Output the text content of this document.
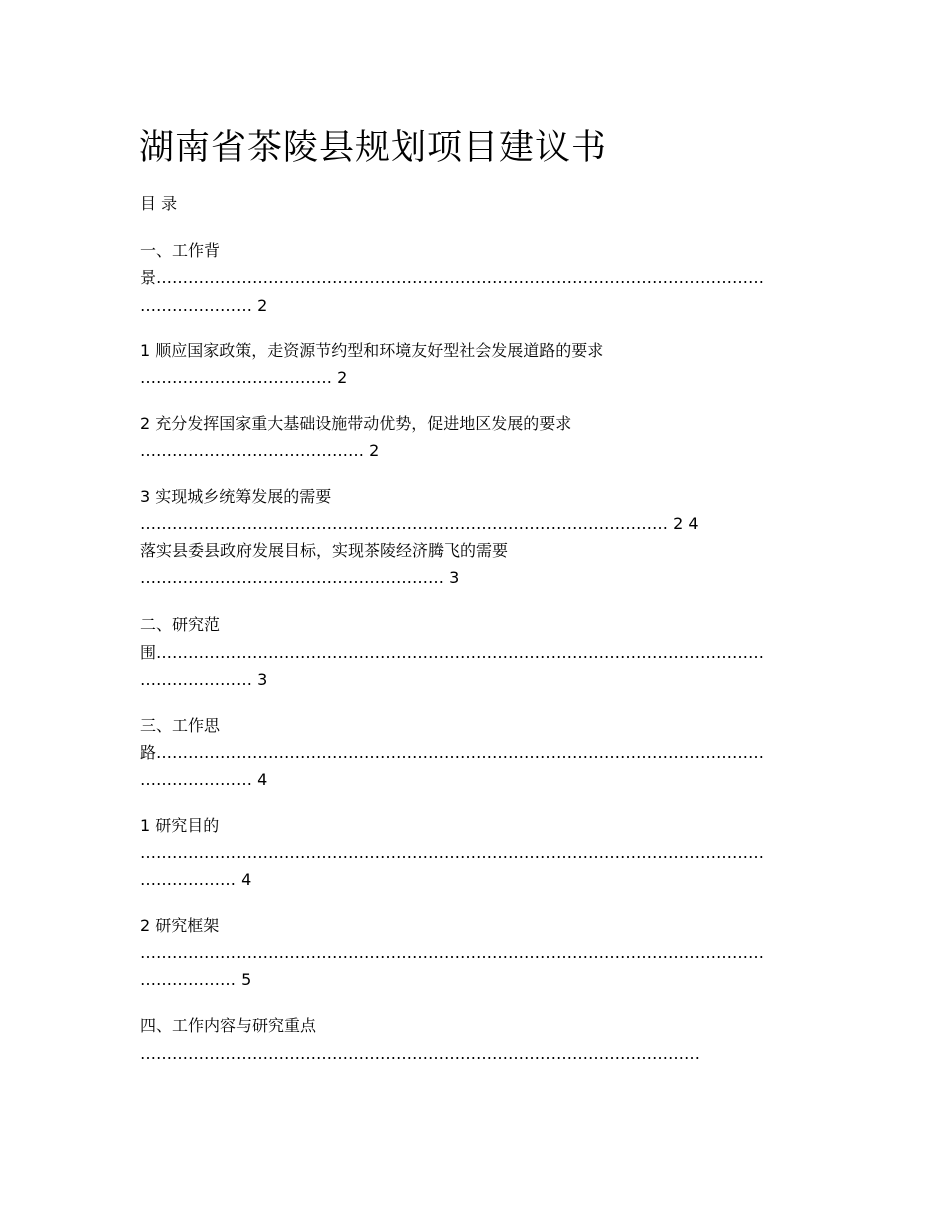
湖南省茶陵县规划项目建议书
目 录
一、工作背
景……………………………………………………………………………………………………
………………… 2
1 顺应国家政策，走资源节约型和环境友好型社会发展道路的要求
……………………………… 2
2 充分发挥国家重大基础设施带动优势，促进地区发展的要求
…………………………………… 2
3 实现城乡统筹发展的需要
……………………………………………………………………………………… 2 4
落实县委县政府发展目标，实现茶陵经济腾飞的需要
………………………………………………… 3
二、研究范
围……………………………………………………………………………………………………
………………… 3
三、工作思
路……………………………………………………………………………………………………
………………… 4
1 研究目的
………………………………………………………………………………………………………
……………… 4
2 研究框架
………………………………………………………………………………………………………
……………… 5
四、工作内容与研究重点
……………………………………………………………………………………………
